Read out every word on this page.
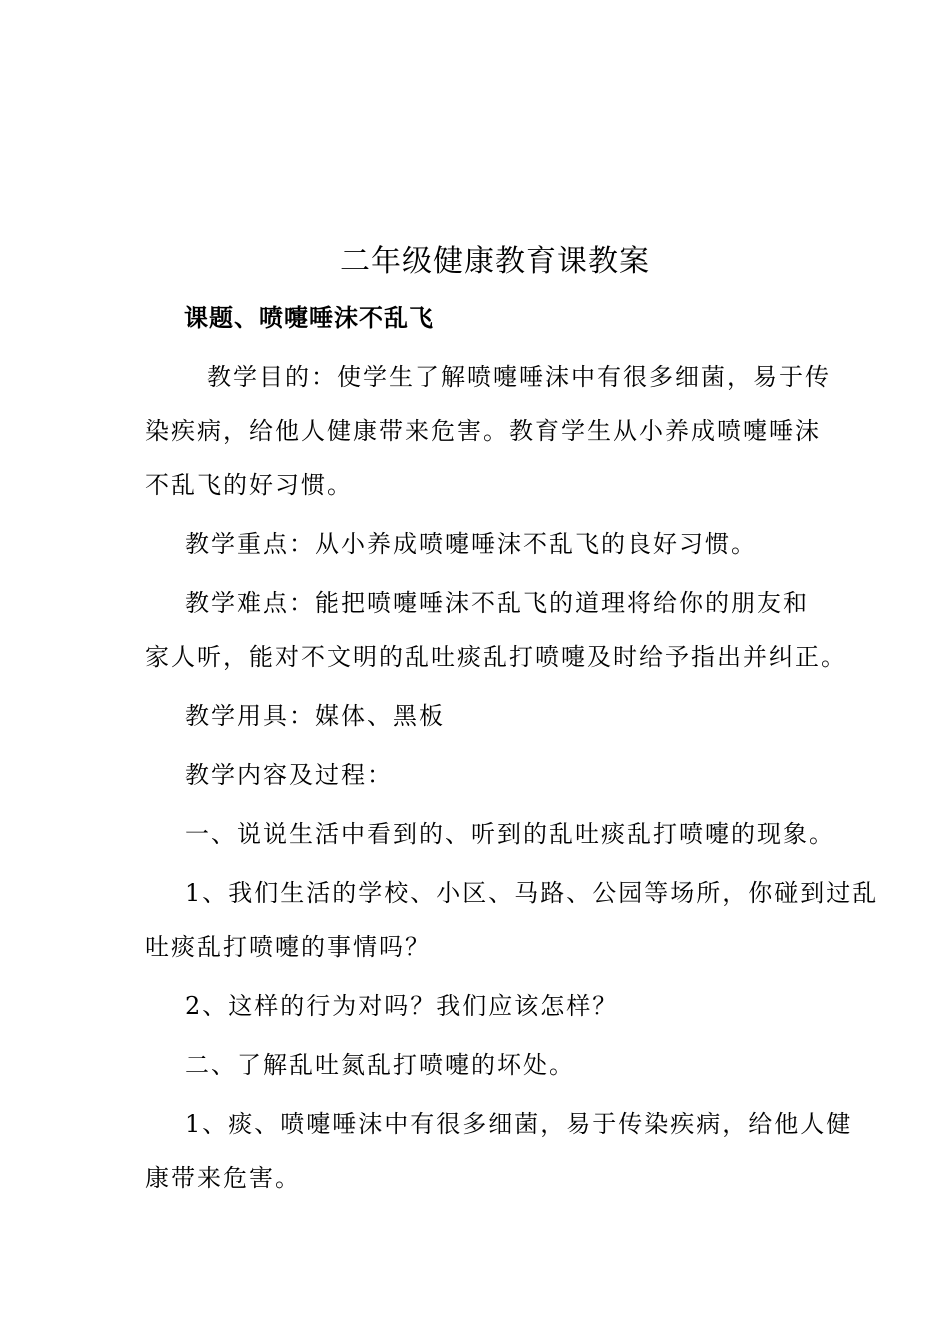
二年级健康教育课教案
课题、喷嚏唾沫不乱飞

教学目的：使学生了解喷嚏唾沫中有很多细菌，易于传
染疾病，给他人健康带来危害。教育学生从小养成喷嚏唾沫
不乱飞的好习惯。

教学重点：从小养成喷嚏唾沫不乱飞的良好习惯。

教学难点：能把喷嚏唾沫不乱飞的道理将给你的朋友和
家人听，能对不文明的乱吐痰乱打喷嚏及时给予指出并纠正。

教学用具：媒体、黑板

教学内容及过程：

一、说说生活中看到的、听到的乱吐痰乱打喷嚏的现象。

1、我们生活的学校、小区、马路、公园等场所，你碰到过乱
吐痰乱打喷嚏的事情吗？

2、这样的行为对吗？我们应该怎样？

二、了解乱吐氮乱打喷嚏的坏处。

1、痰、喷嚏唾沫中有很多细菌，易于传染疾病，给他人健
康带来危害。
